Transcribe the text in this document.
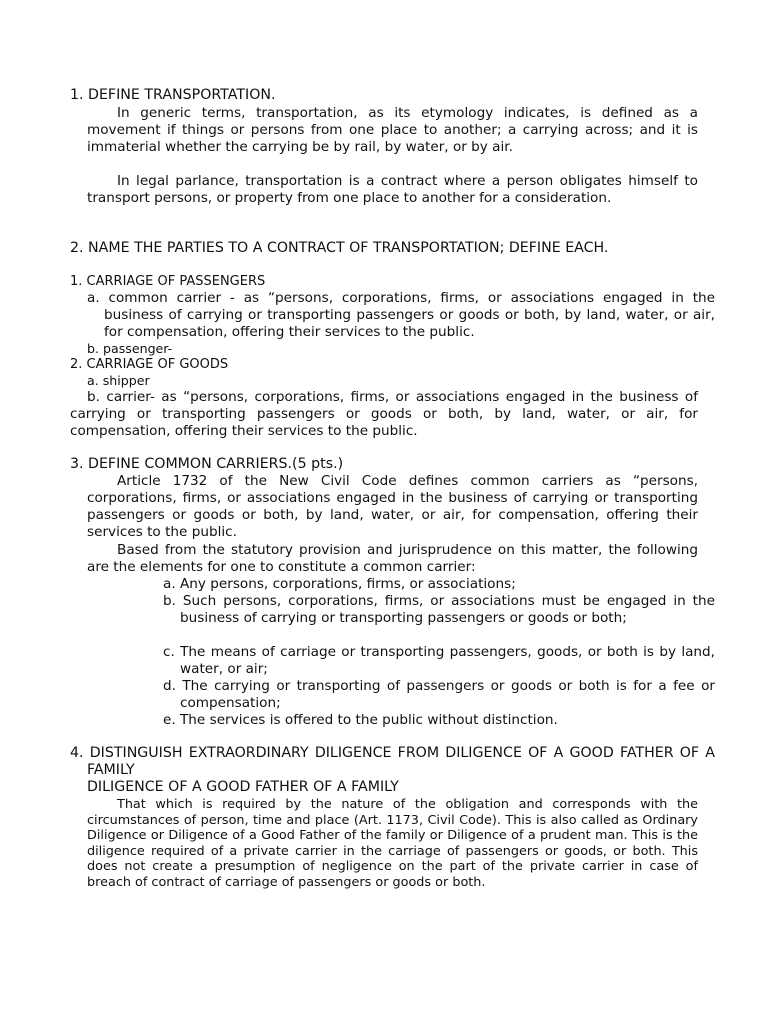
1. DEFINE TRANSPORTATION.

In generic terms, transportation, as its etymology indicates, is defined as a movement if things or persons from one place to another; a carrying across; and it is immaterial whether the carrying be by rail, by water, or by air.

In legal parlance, transportation is a contract where a person obligates himself to transport persons, or property from one place to another for a consideration.

2. NAME THE PARTIES TO A CONTRACT OF TRANSPORTATION; DEFINE EACH.

1. CARRIAGE OF PASSENGERS

a. common carrier - as “persons, corporations, firms, or associations engaged in the business of carrying or transporting passengers or goods or both, by land, water, or air, for compensation, offering their services to the public.

b. passenger-

2. CARRIAGE OF GOODS

a. shipper

b. carrier- as “persons, corporations, firms, or associations engaged in the business of carrying or transporting passengers or goods or both, by land, water, or air, for compensation, offering their services to the public.

3. DEFINE COMMON CARRIERS.(5 pts.)

Article 1732 of the New Civil Code defines common carriers as “persons, corporations, firms, or associations engaged in the business of carrying or transporting passengers or goods or both, by land, water, or air, for compensation, offering their services to the public.

Based from the statutory provision and jurisprudence on this matter, the following are the elements for one to constitute a common carrier:

a. Any persons, corporations, firms, or associations;

b. Such persons, corporations, firms, or associations must be engaged in the business of carrying or transporting passengers or goods or both;

c. The means of carriage or transporting passengers, goods, or both is by land, water, or air;

d. The carrying or transporting of passengers or goods or both is for a fee or compensation;

e. The services is offered to the public without distinction.

4. DISTINGUISH EXTRAORDINARY DILIGENCE FROM DILIGENCE OF A GOOD FATHER OF A FAMILY

DILIGENCE OF A GOOD FATHER OF A FAMILY

That which is required by the nature of the obligation and corresponds with the circumstances of person, time and place (Art. 1173, Civil Code). This is also called as Ordinary Diligence or Diligence of a Good Father of the family or Diligence of a prudent man. This is the diligence required of a private carrier in the carriage of passengers or goods, or both. This does not create a presumption of negligence on the part of the private carrier in case of breach of contract of carriage of passengers or goods or both.
